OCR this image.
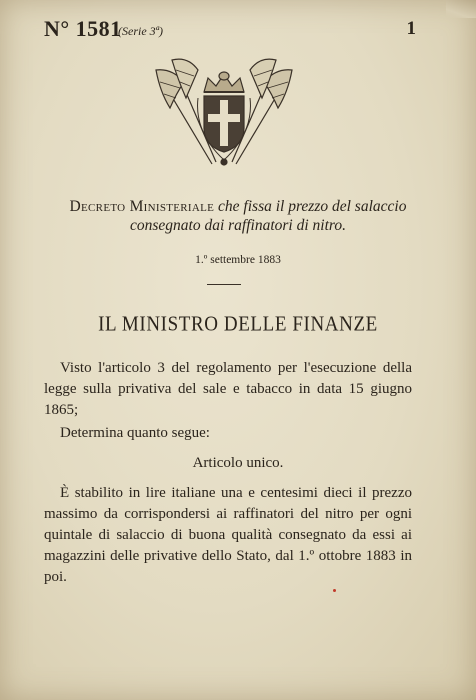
N° 1581
(Serie 3ª)	1
Decreto Ministeriale che fissa il prezzo del salaccio
consegnato dai raffinatori di nitro.
1.º settembre 1883
IL MINISTRO DELLE FINANZE
Visto l'articolo 3 del regolamento per l'esecuzione della legge sulla privativa del sale e tabacco in data 15 giugno 1865;
Determina quanto segue:
Articolo unico.
È stabilito in lire italiane una e centesimi dieci il prezzo massimo da corrispondersi ai raffinatori del nitro per ogni quintale di salaccio di buona qualità consegnato da essi ai magazzini delle privative dello Stato, dal 1.º ottobre 1883 in poi.
